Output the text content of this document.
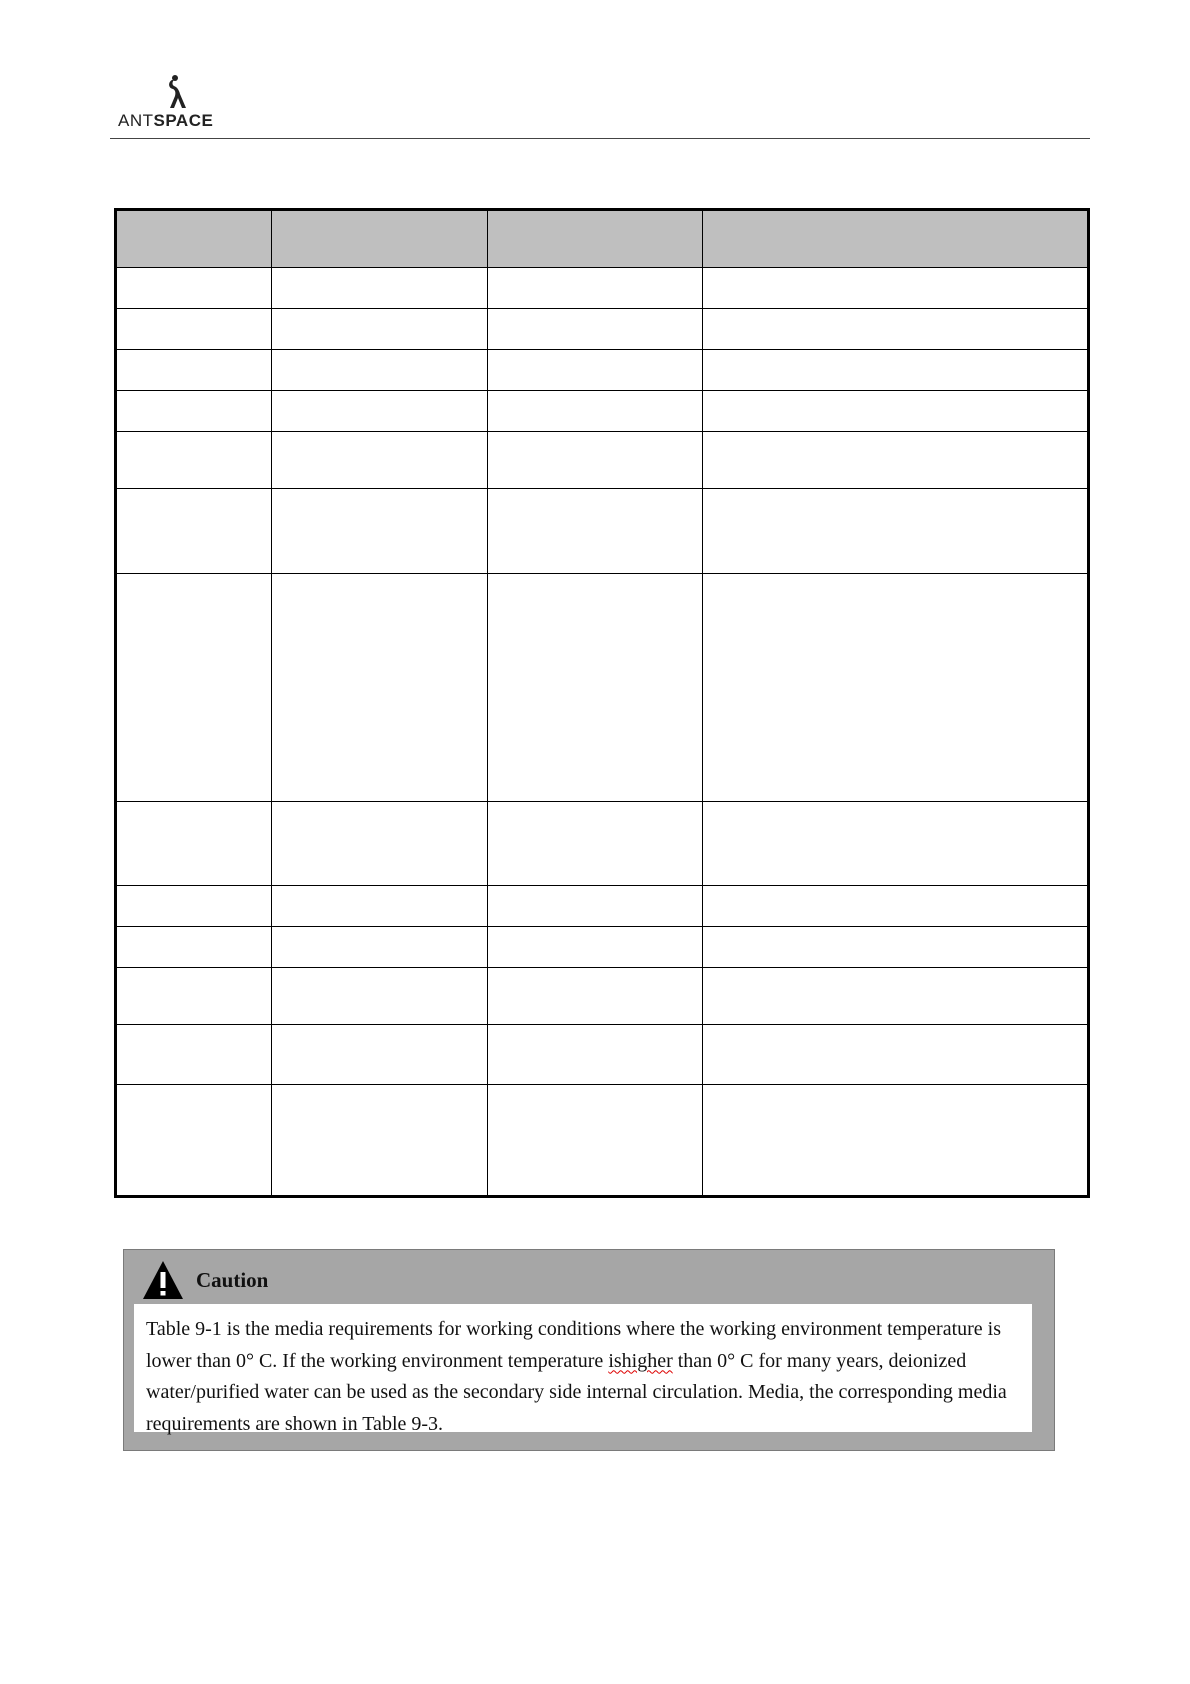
ANTSPACE

Caution
Table 9-1 is the media requirements for working conditions where the working environment temperature is lower than 0° C. If the working environment temperature ishigher than 0° C for many years, deionized water/purified water can be used as the secondary side internal circulation. Media, the corresponding media requirements are shown in Table 9-3.
